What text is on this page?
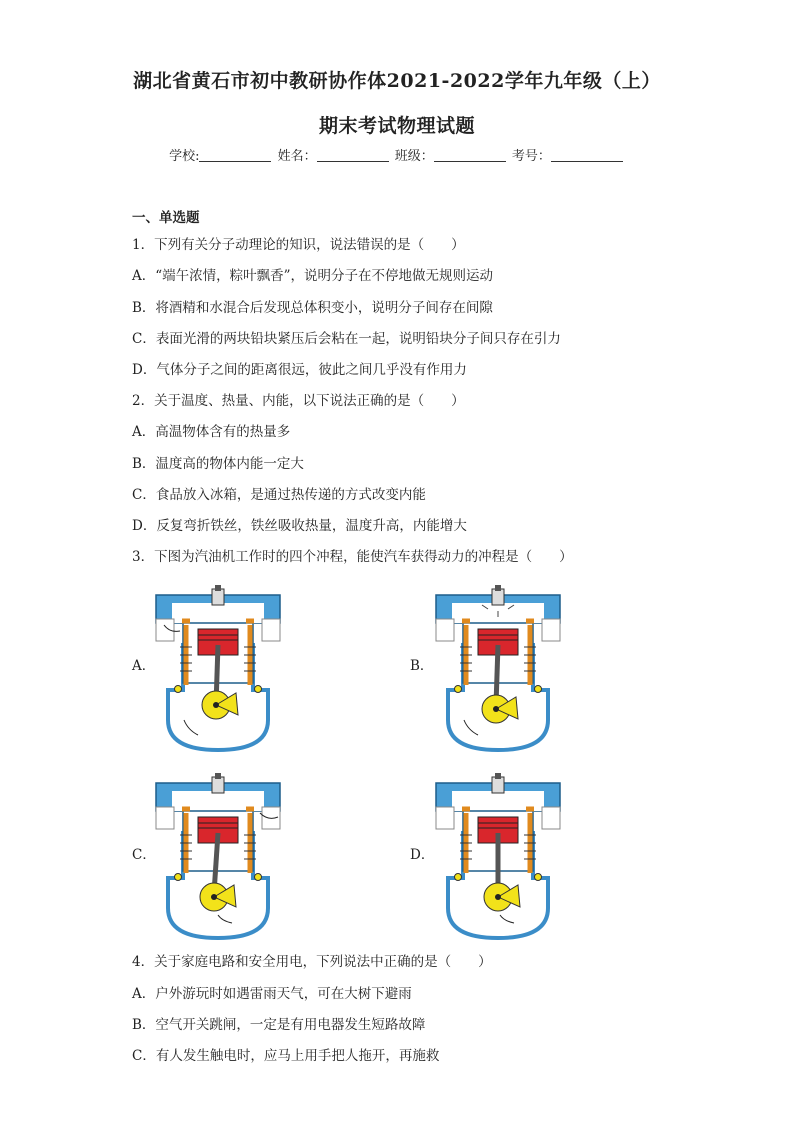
湖北省黄石市初中教研协作体2021-2022学年九年级（上）
期末考试物理试题
学校:	姓名：	班级：	考号：
一、单选题
1．下列有关分子动理论的知识，说法错误的是（　　）
A．“端午浓情，粽叶飘香”，说明分子在不停地做无规则运动
B．将酒精和水混合后发现总体积变小，说明分子间存在间隙
C．表面光滑的两块铅块紧压后会粘在一起，说明铅块分子间只存在引力
D．气体分子之间的距离很远，彼此之间几乎没有作用力
2．关于温度、热量、内能，以下说法正确的是（　　）
A．高温物体含有的热量多
B．温度高的物体内能一定大
C．食品放入冰箱，是通过热传递的方式改变内能
D．反复弯折铁丝，铁丝吸收热量，温度升高，内能增大
3．下图为汽油机工作时的四个冲程，能使汽车获得动力的冲程是（　　）
A．	B．
C．	D．
4．关于家庭电路和安全用电，下列说法中正确的是（　　）
A．户外游玩时如遇雷雨天气，可在大树下避雨
B．空气开关跳闸，一定是有用电器发生短路故障
C．有人发生触电时，应马上用手把人拖开，再施救
